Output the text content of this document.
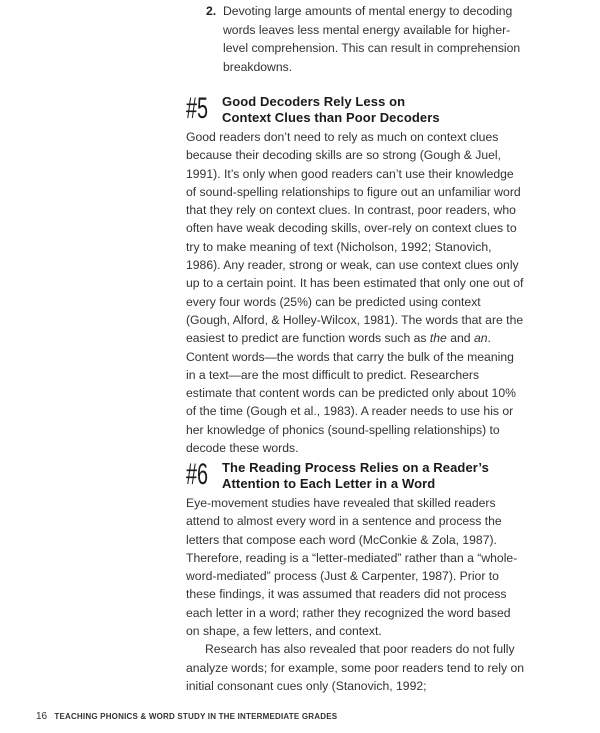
2. Devoting large amounts of mental energy to decoding words leaves less mental energy available for higher-level comprehension. This can result in comprehension breakdowns.
#5 Good Decoders Rely Less on
Context Clues than Poor Decoders

Good readers don’t need to rely as much on context clues because their decoding skills are so strong (Gough & Juel, 1991). It’s only when good readers can’t use their knowledge of sound-spelling relationships to figure out an unfamiliar word that they rely on context clues. In contrast, poor readers, who often have weak decoding skills, over-rely on context clues to try to make meaning of text (Nicholson, 1992; Stanovich, 1986). Any reader, strong or weak, can use context clues only up to a certain point. It has been estimated that only one out of every four words (25%) can be predicted using context (Gough, Alford, & Holley-Wilcox, 1981). The words that are the easiest to predict are function words such as the and an. Content words—the words that carry the bulk of the meaning in a text—are the most difficult to predict. Researchers estimate that content words can be predicted only about 10% of the time (Gough et al., 1983). A reader needs to use his or her knowledge of phonics (sound-spelling relationships) to decode these words.

#6 The Reading Process Relies on a Reader’s
Attention to Each Letter in a Word

Eye-movement studies have revealed that skilled readers attend to almost every word in a sentence and process the letters that compose each word (McConkie & Zola, 1987). Therefore, reading is a “letter-mediated” rather than a “whole-word-mediated” process (Just & Carpenter, 1987). Prior to these findings, it was assumed that readers did not process each letter in a word; rather they recognized the word based on shape, a few letters, and context.

Research has also revealed that poor readers do not fully analyze words; for example, some poor readers tend to rely on initial consonant cues only (Stanovich, 1992;

16 TEACHING PHONICS & WORD STUDY IN THE INTERMEDIATE GRADES
